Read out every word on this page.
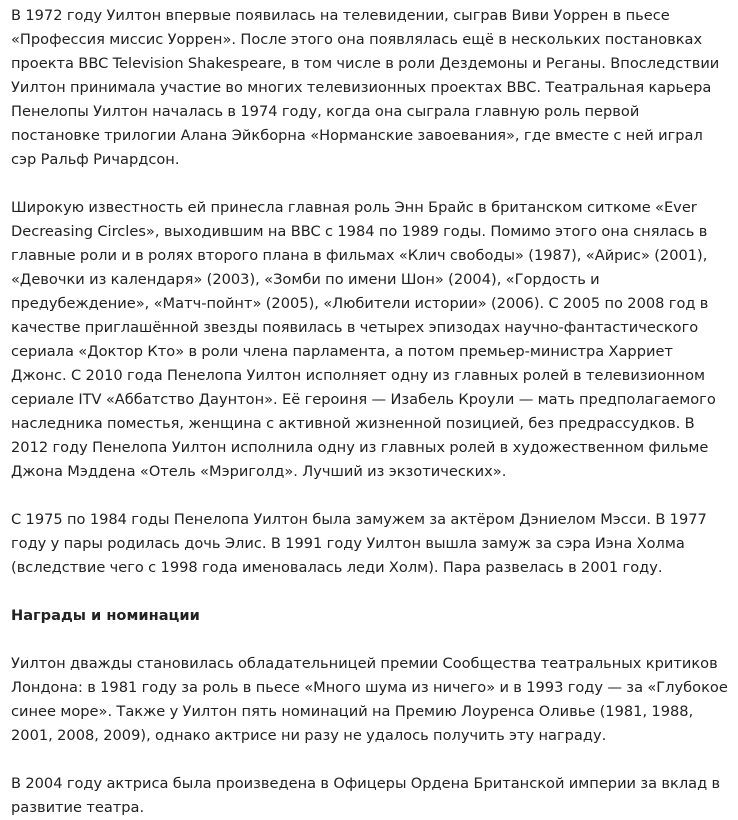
В 1972 году Уилтон впервые появилась на телевидении, сыграв Виви Уоррен в пьесе «Профессия миссис Уоррен». После этого она появлялась ещё в нескольких постановках проекта BBC Television Shakespeare, в том числе в роли Дездемоны и Реганы. Впоследствии Уилтон принимала участие во многих телевизионных проектах BBC. Театральная карьера Пенелопы Уилтон началась в 1974 году, когда она сыграла главную роль первой постановке трилогии Алана Эйкборна «Норманские завоевания», где вместе с ней играл сэр Ральф Ричардсон.

Широкую известность ей принесла главная роль Энн Брайс в британском ситкоме «Ever Decreasing Circles», выходившим на BBC с 1984 по 1989 годы. Помимо этого она снялась в главные роли и в ролях второго плана в фильмах «Клич свободы» (1987), «Айрис» (2001), «Девочки из календаря» (2003), «Зомби по имени Шон» (2004), «Гордость и предубеждение», «Матч-пойнт» (2005), «Любители истории» (2006). С 2005 по 2008 год в качестве приглашённой звезды появилась в четырех эпизодах научно-фантастического сериала «Доктор Кто» в роли члена парламента, а потом премьер-министра Харриет Джонс. С 2010 года Пенелопа Уилтон исполняет одну из главных ролей в телевизионном сериале ITV «Аббатство Даунтон». Её героиня — Изабель Кроули — мать предполагаемого наследника поместья, женщина с активной жизненной позицией, без предрассудков. В 2012 году Пенелопа Уилтон исполнила одну из главных ролей в художественном фильме Джона Мэддена «Отель «Мэриголд». Лучший из экзотических».

С 1975 по 1984 годы Пенелопа Уилтон была замужем за актёром Дэниелом Мэсси. В 1977 году у пары родилась дочь Элис. В 1991 году Уилтон вышла замуж за сэра Иэна Холма (вследствие чего с 1998 года именовалась леди Холм). Пара развелась в 2001 году.

Награды и номинации

Уилтон дважды становилась обладательницей премии Сообщества театральных критиков Лондона: в 1981 году за роль в пьесе «Много шума из ничего» и в 1993 году — за «Глубокое синее море». Также у Уилтон пять номинаций на Премию Лоуренса Оливье (1981, 1988, 2001, 2008, 2009), однако актрисе ни разу не удалось получить эту награду.

В 2004 году актриса была произведена в Офицеры Ордена Британской империи за вклад в развитие театра.
